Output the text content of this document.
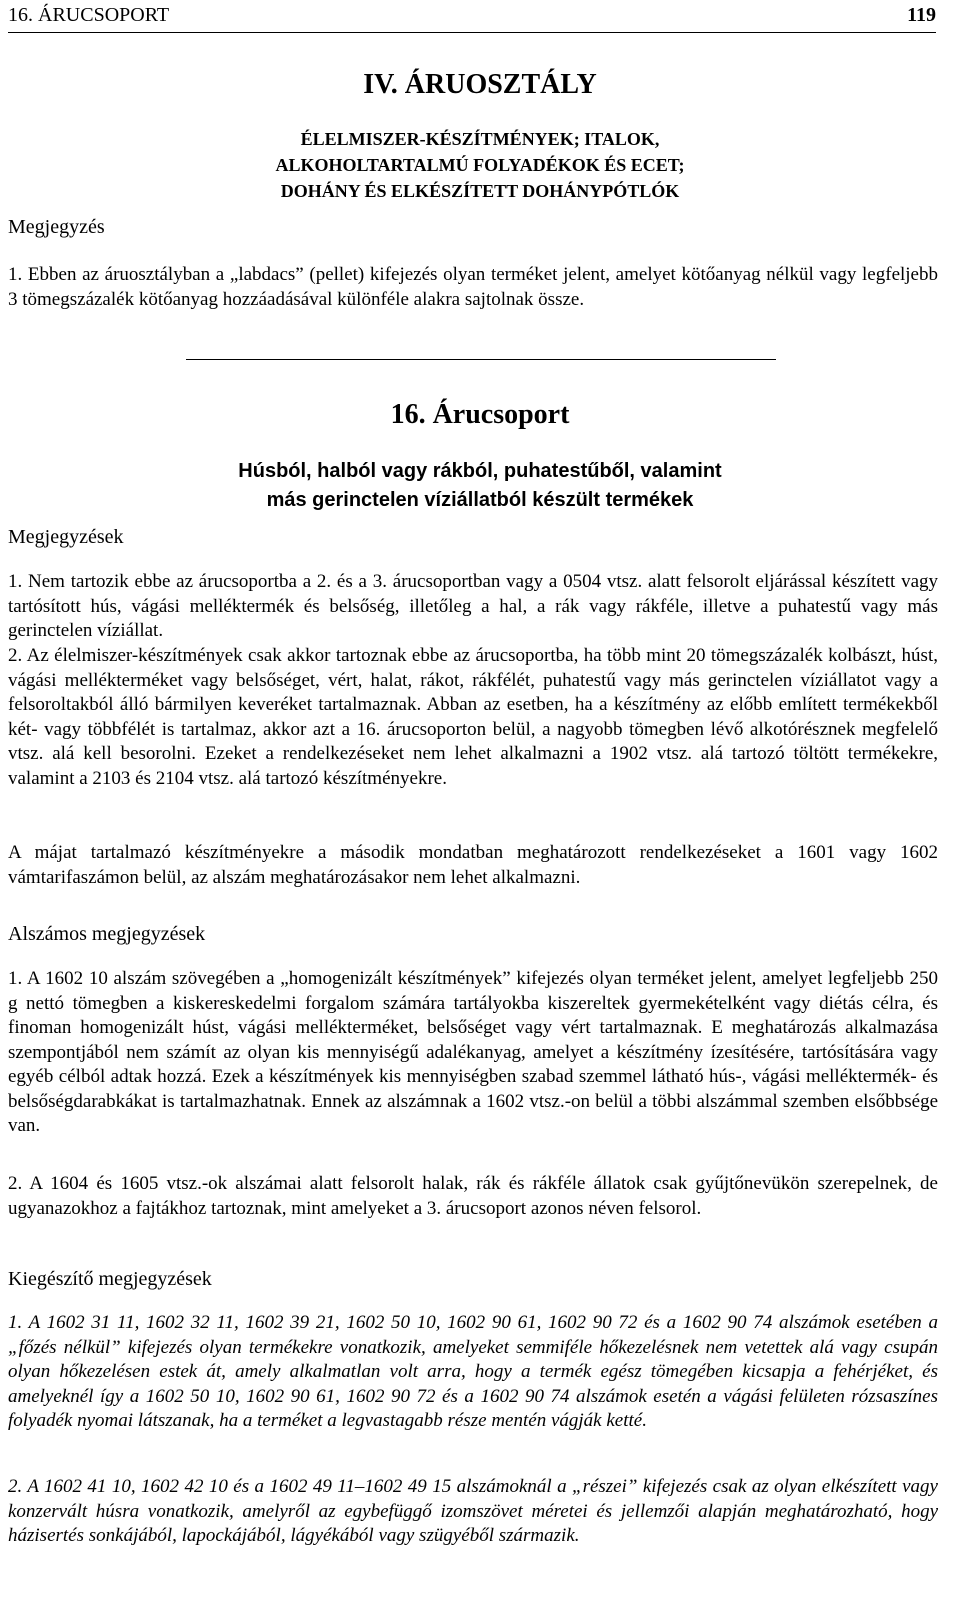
16. ÁRUCSOPORT	119
IV. ÁRUOSZTÁLY
ÉLELMISZER-KÉSZÍTMÉNYEK; ITALOK,
ALKOHOLTARTALMÚ FOLYADÉKOK ÉS ECET;
DOHÁNY ÉS ELKÉSZÍTETT DOHÁNYPÓTLÓK
Megjegyzés

1. Ebben az áruosztályban a „labdacs” (pellet) kifejezés olyan terméket jelent, amelyet kötőanyag nélkül vagy legfeljebb 3 tömegszázalék kötőanyag hozzáadásával különféle alakra sajtolnak össze.

16. Árucsoport
Húsból, halból vagy rákból, puhatestűből, valamint
más gerinctelen víziállatból készült termékek
Megjegyzések

1. Nem tartozik ebbe az árucsoportba a 2. és a 3. árucsoportban vagy a 0504 vtsz. alatt felsorolt eljárással készített vagy tartósított hús, vágási melléktermék és belsőség, illetőleg a hal, a rák vagy rákféle, illetve a puhatestű vagy más gerinctelen víziállat.

2. Az élelmiszer-készítmények csak akkor tartoznak ebbe az árucsoportba, ha több mint 20 tömegszázalék kolbászt, húst, vágási mellékterméket vagy belsőséget, vért, halat, rákot, rákfélét, puhatestű vagy más gerinctelen víziállatot vagy a felsoroltakból álló bármilyen keveréket tartalmaznak. Abban az esetben, ha a készítmény az előbb említett termékekből két- vagy többfélét is tartalmaz, akkor azt a 16. árucsoporton belül, a nagyobb tömegben lévő alkotórésznek megfelelő vtsz. alá kell besorolni. Ezeket a rendelkezéseket nem lehet alkalmazni a 1902 vtsz. alá tartozó töltött termékekre, valamint a 2103 és 2104 vtsz. alá tartozó készítményekre.

A májat tartalmazó készítményekre a második mondatban meghatározott rendelkezéseket a 1601 vagy 1602 vámtarifaszámon belül, az alszám meghatározásakor nem lehet alkalmazni.

Alszámos megjegyzések

1. A 1602 10 alszám szövegében a „homogenizált készítmények” kifejezés olyan terméket jelent, amelyet legfeljebb 250 g nettó tömegben a kiskereskedelmi forgalom számára tartályokba kiszereltek gyermekételként vagy diétás célra, és finoman homogenizált húst, vágási mellékterméket, belsőséget vagy vért tartalmaznak. E meghatározás alkalmazása szempontjából nem számít az olyan kis mennyiségű adalékanyag, amelyet a készítmény ízesítésére, tartósítására vagy egyéb célból adtak hozzá. Ezek a készítmények kis mennyiségben szabad szemmel látható hús-, vágási melléktermék- és belsőségdarabkákat is tartalmazhatnak. Ennek az alszámnak a 1602 vtsz.-on belül a többi alszámmal szemben elsőbbsége van.

2. A 1604 és 1605 vtsz.-ok alszámai alatt felsorolt halak, rák és rákféle állatok csak gyűjtőnevükön szerepelnek, de ugyanazokhoz a fajtákhoz tartoznak, mint amelyeket a 3. árucsoport azonos néven felsorol.

Kiegészítő megjegyzések

1. A 1602 31 11, 1602 32 11, 1602 39 21, 1602 50 10, 1602 90 61, 1602 90 72 és a 1602 90 74 alszámok esetében a „főzés nélkül” kifejezés olyan termékekre vonatkozik, amelyeket semmiféle hőkezelésnek nem vetettek alá vagy csupán olyan hőkezelésen estek át, amely alkalmatlan volt arra, hogy a termék egész tömegében kicsapja a fehérjéket, és amelyeknél így a 1602 50 10, 1602 90 61, 1602 90 72 és a 1602 90 74 alszámok esetén a vágási felületen rózsaszínes folyadék nyomai látszanak, ha a terméket a legvastagabb része mentén vágják ketté.

2. A 1602 41 10, 1602 42 10 és a 1602 49 11–1602 49 15 alszámoknál a „részei” kifejezés csak az olyan elkészített vagy konzervált húsra vonatkozik, amelyről az egybefüggő izomszövet méretei és jellemzői alapján meghatározható, hogy házisertés sonkájából, lapockájából, lágyékából vagy szügyéből származik.
